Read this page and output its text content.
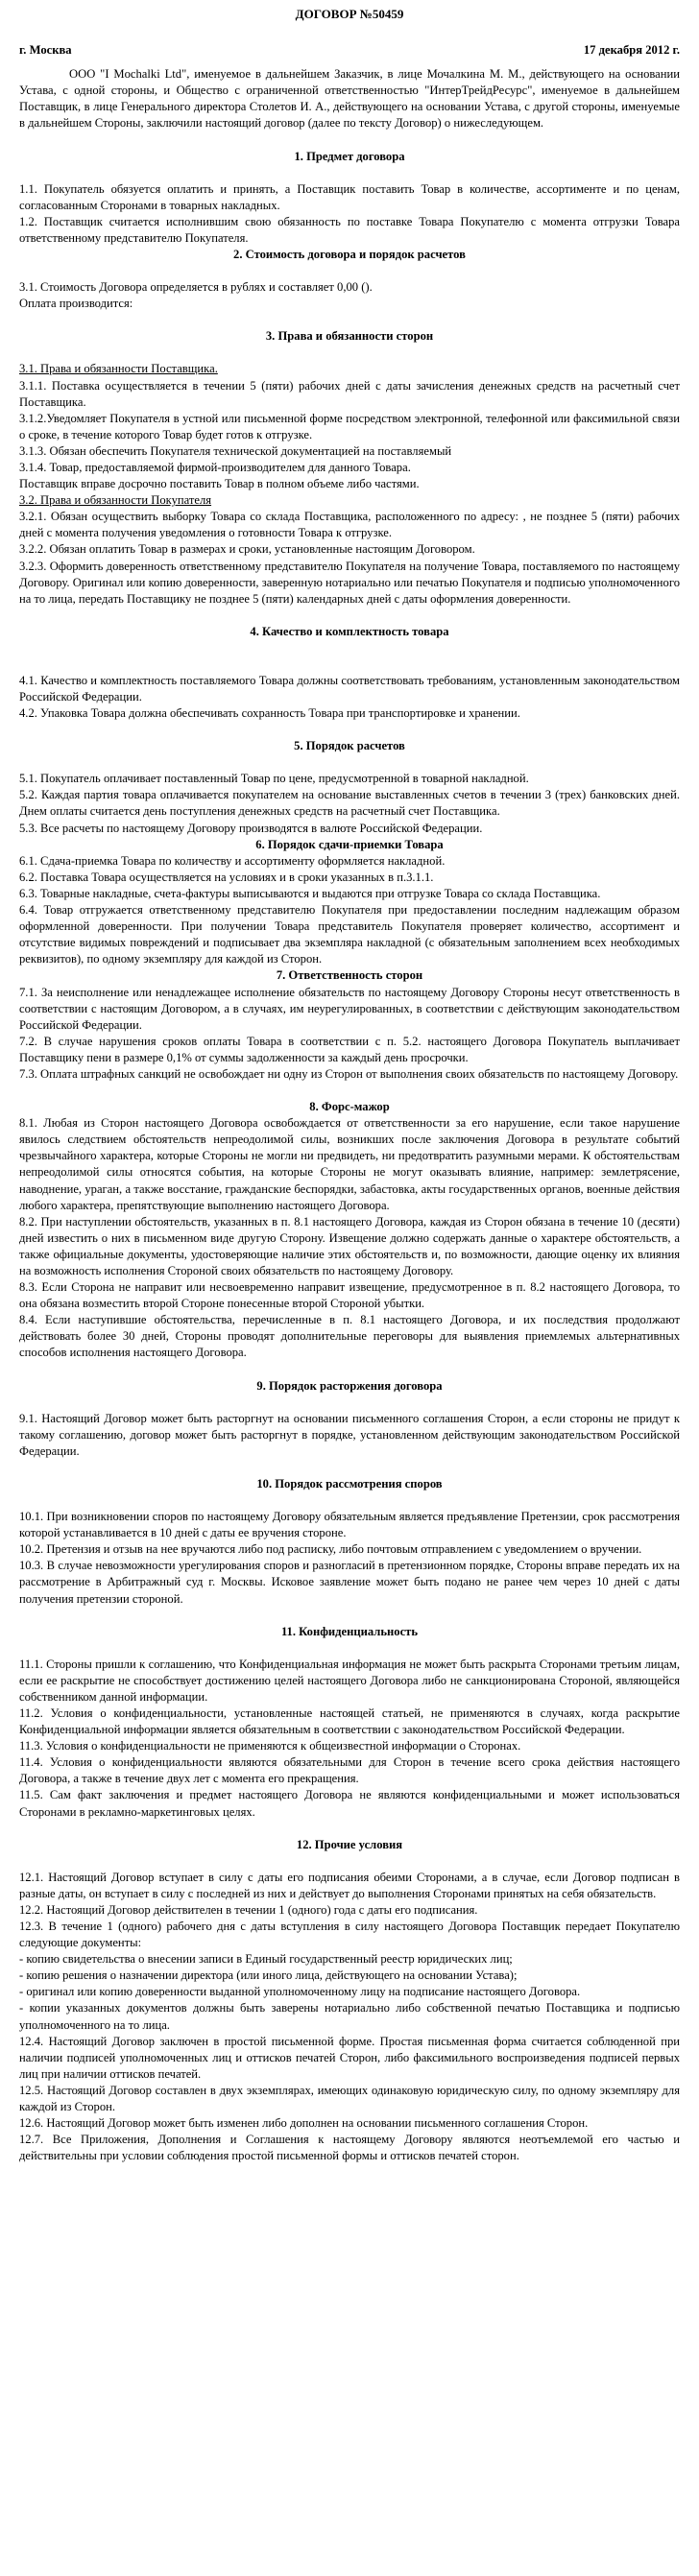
ДОГОВОР №50459

г. Москва	17 декабря 2012 г.

ООО "I Mochalki Ltd", именуемое в дальнейшем Заказчик, в лице Мочалкина М. М., действующего на основании Устава, с одной стороны, и Общество с ограниченной ответственностью "ИнтерТрейдРесурс", именуемое в дальнейшем Поставщик, в лице Генерального директора Столетов И. А., действующего на основании Устава, с другой стороны, именуемые в дальнейшем Стороны, заключили настоящий договор (далее по тексту Договор) о нижеследующем.

1. Предмет договора

1.1. Покупатель обязуется оплатить и принять, а Поставщик поставить Товар в количестве, ассортименте и по ценам, согласованным Сторонами в товарных накладных.

1.2. Поставщик считается исполнившим свою обязанность по поставке Товара Покупателю с момента отгрузки Товара ответственному представителю Покупателя.

2. Стоимость договора и порядок расчетов

3.1. Стоимость Договора определяется в рублях и составляет 0,00 ().

Оплата производится:

3. Права и обязанности сторон

3.1. Права и обязанности Поставщика.

3.1.1. Поставка осуществляется в течении 5 (пяти) рабочих дней с даты зачисления денежных средств на расчетный счет Поставщика.

3.1.2.Уведомляет Покупателя в устной или письменной форме посредством электронной, телефонной или факсимильной связи о сроке, в течение которого Товар будет готов к отгрузке.

3.1.3. Обязан обеспечить Покупателя технической документацией на поставляемый

3.1.4. Товар, предоставляемой фирмой-производителем для данного Товара.

Поставщик вправе досрочно поставить Товар в полном объеме либо частями.

3.2. Права и обязанности Покупателя

3.2.1. Обязан осуществить выборку Товара со склада Поставщика, расположенного по адресу: , не позднее 5 (пяти) рабочих дней с момента получения уведомления о готовности Товара к отгрузке.

3.2.2. Обязан оплатить Товар в размерах и сроки, установленные настоящим Договором.

3.2.3. Оформить доверенность ответственному представителю Покупателя на получение Товара, поставляемого по настоящему Договору. Оригинал или копию доверенности, заверенную нотариально или печатью Покупателя и подписью уполномоченного на то лица, передать Поставщику не позднее 5 (пяти) календарных дней с даты оформления доверенности.

4. Качество и комплектность товара

4.1. Качество и комплектность поставляемого Товара должны соответствовать требованиям, установленным законодательством Российской Федерации.

4.2. Упаковка Товара должна обеспечивать сохранность Товара при транспортировке и хранении.

5. Порядок расчетов

5.1. Покупатель оплачивает поставленный Товар по цене, предусмотренной в товарной накладной.

5.2. Каждая партия товара оплачивается покупателем на основание выставленных счетов в течении 3 (трех) банковских дней. Днем оплаты считается день поступления денежных средств на расчетный счет Поставщика.

5.3. Все расчеты по настоящему Договору производятся в валюте Российской Федерации.

6. Порядок сдачи-приемки Товара

6.1. Сдача-приемка Товара по количеству и ассортименту оформляется накладной.

6.2. Поставка Товара осуществляется на условиях и в сроки указанных в п.3.1.1.

6.3. Товарные накладные, счета-фактуры выписываются и выдаются при отгрузке Товара со склада Поставщика.

6.4. Товар отгружается ответственному представителю Покупателя при предоставлении последним надлежащим образом оформленной доверенности. При получении Товара представитель Покупателя проверяет количество, ассортимент и отсутствие видимых повреждений и подписывает два экземпляра накладной (с обязательным заполнением всех необходимых реквизитов), по одному экземпляру для каждой из Сторон.

7. Ответственность сторон

7.1. За неисполнение или ненадлежащее исполнение обязательств по настоящему Договору Стороны несут ответственность в соответствии с настоящим Договором, а в случаях, им неурегулированных, в соответствии с действующим законодательством Российской Федерации.

7.2. В случае нарушения сроков оплаты Товара в соответствии с п. 5.2. настоящего Договора Покупатель выплачивает Поставщику пени в размере 0,1% от суммы задолженности за каждый день просрочки.

7.3. Оплата штрафных санкций не освобождает ни одну из Сторон от выполнения своих обязательств по настоящему Договору.

8. Форс-мажор

8.1. Любая из Сторон настоящего Договора освобождается от ответственности за его нарушение, если такое нарушение явилось следствием обстоятельств непреодолимой силы, возникших после заключения Договора в результате событий чрезвычайного характера, которые Стороны не могли ни предвидеть, ни предотвратить разумными мерами. К обстоятельствам непреодолимой силы относятся события, на которые Стороны не могут оказывать влияние, например: землетрясение, наводнение, ураган, а также восстание, гражданские беспорядки, забастовка, акты государственных органов, военные действия любого характера, препятствующие выполнению настоящего Договора.

8.2. При наступлении обстоятельств, указанных в п. 8.1 настоящего Договора, каждая из Сторон обязана в течение 10 (десяти) дней известить о них в письменном виде другую Сторону. Извещение должно содержать данные о характере обстоятельств, а также официальные документы, удостоверяющие наличие этих обстоятельств и, по возможности, дающие оценку их влияния на возможность исполнения Стороной своих обязательств по настоящему Договору.

8.3. Если Сторона не направит или несвоевременно направит извещение, предусмотренное в п. 8.2 настоящего Договора, то она обязана возместить второй Стороне понесенные второй Стороной убытки.

8.4. Если наступившие обстоятельства, перечисленные в п. 8.1 настоящего Договора, и их последствия продолжают действовать более 30 дней, Стороны проводят дополнительные переговоры для выявления приемлемых альтернативных способов исполнения настоящего Договора.

9. Порядок расторжения договора

9.1. Настоящий Договор может быть расторгнут на основании письменного соглашения Сторон, а если стороны не придут к такому соглашению, договор может быть расторгнут в порядке, установленном действующим законодательством Российской Федерации.

10. Порядок рассмотрения споров

10.1. При возникновении споров по настоящему Договору обязательным является предъявление Претензии, срок рассмотрения которой устанавливается в 10 дней с даты ее вручения стороне.

10.2. Претензия и отзыв на нее вручаются либо под расписку, либо почтовым отправлением с уведомлением о вручении.

10.3. В случае невозможности урегулирования споров и разногласий в претензионном порядке, Стороны вправе передать их на рассмотрение в Арбитражный суд г. Москвы. Исковое заявление может быть подано не ранее чем через 10 дней с даты получения претензии стороной.

11. Конфиденциальность

11.1. Стороны пришли к соглашению, что Конфиденциальная информация не может быть раскрыта Сторонами третьим лицам, если ее раскрытие не способствует достижению целей настоящего Договора либо не санкционирована Стороной, являющейся собственником данной информации.

11.2. Условия о конфиденциальности, установленные настоящей статьей, не применяются в случаях, когда раскрытие Конфиденциальной информации является обязательным в соответствии с законодательством Российской Федерации.

11.3. Условия о конфиденциальности не применяются к общеизвестной информации о Сторонах.

11.4. Условия о конфиденциальности являются обязательными для Сторон в течение всего срока действия настоящего Договора, а также в течение двух лет с момента его прекращения.

11.5. Сам факт заключения и предмет настоящего Договора не являются конфиденциальными и может использоваться Сторонами в рекламно-маркетинговых целях.

12. Прочие условия

12.1. Настоящий Договор вступает в силу с даты его подписания обеими Сторонами, а в случае, если Договор подписан в разные даты, он вступает в силу с последней из них и действует до выполнения Сторонами принятых на себя обязательств.

12.2. Настоящий Договор действителен в течении 1 (одного) года с даты его подписания.

12.3. В течение 1 (одного) рабочего дня с даты вступления в силу настоящего Договора Поставщик передает Покупателю следующие документы:

- копию свидетельства о внесении записи в Единый государственный реестр юридических лиц;

- копию решения о назначении директора (или иного лица, действующего на основании Устава);

- оригинал или копию доверенности выданной уполномоченному лицу на подписание настоящего Договора.

- копии указанных документов должны быть заверены нотариально либо собственной печатью Поставщика и подписью уполномоченного на то лица.

12.4. Настоящий Договор заключен в простой письменной форме. Простая письменная форма считается соблюденной при наличии подписей уполномоченных лиц и оттисков печатей Сторон, либо факсимильного воспроизведения подписей первых лиц при наличии оттисков печатей.

12.5. Настоящий Договор составлен в двух экземплярах, имеющих одинаковую юридическую силу, по одному экземпляру для каждой из Сторон.

12.6. Настоящий Договор может быть изменен либо дополнен на основании письменного соглашения Сторон.

12.7. Все Приложения, Дополнения и Соглашения к настоящему Договору являются неотъемлемой его частью и действительны при условии соблюдения простой письменной формы и оттисков печатей сторон.
